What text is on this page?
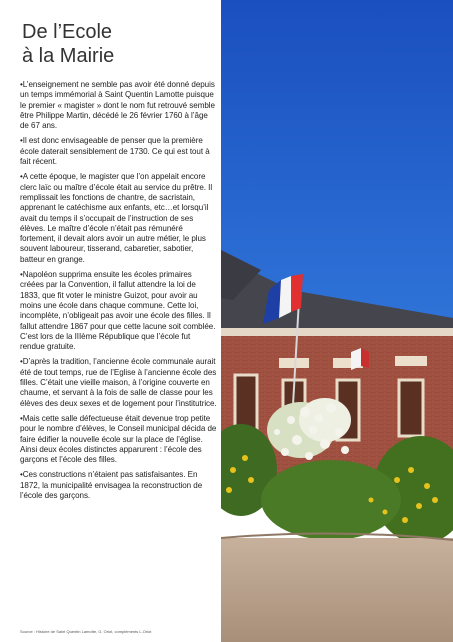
De l’Ecole
à la Mairie

•L’enseignement ne semble pas avoir été donné depuis un temps immémorial à Saint Quentin Lamotte puisque le premier « magister » dont le nom fut retrouvé semble être Philippe Martin, décédé le 26 février 1760 à l’âge de 67 ans.

•Il est donc envisageable de penser que la première école daterait sensiblement de 1730. Ce qui est tout à fait récent.

•A cette époque, le magister que l’on appelait encore clerc laïc ou maître d’école était au service du prêtre. Il remplissait les fonctions de chantre, de sacristain, apprenant le catéchisme aux enfants, etc…et lorsqu’il avait du temps il s’occupait de l’instruction de ses élèves. Le maître d’école n’était pas rémunéré fortement, il devait alors avoir un autre métier, le plus souvent laboureur, tisserand, cabaretier, sabotier, batteur en grange.

•Napoléon supprima ensuite les écoles primaires créées par la Convention, il fallut attendre la loi de 1833, que fit voter le ministre Guizot, pour avoir au moins une école dans chaque commune. Cette loi, incomplète, n’obligeait pas avoir une école des filles. Il fallut attendre 1867 pour que cette lacune soit comblée. C’est lors de la IIIème République que l’école fut rendue gratuite.

•D’après la tradition, l’ancienne école communale aurait été de tout temps, rue de l’Eglise à l’ancienne école des filles. C’était une vieille maison, à l’origine couverte en chaume, et servant à la fois de salle de classe pour les élèves des deux sexes et de logement pour l’institutrice.

•Mais cette salle défectueuse était devenue trop petite pour le nombre d’élèves, le Conseil municipal décida de faire édifier la nouvelle école sur la place de l’église. Ainsi deux écoles distinctes apparurent : l’école des garçons et l’école des filles.

•Ces constructions n’étaient pas satisfaisantes. En 1872, la municipalité envisagea la reconstruction de l’école des garçons.

Source : Histoire de Saint Quentin Lamotte, G. Oriot, compléments L.Oriot
